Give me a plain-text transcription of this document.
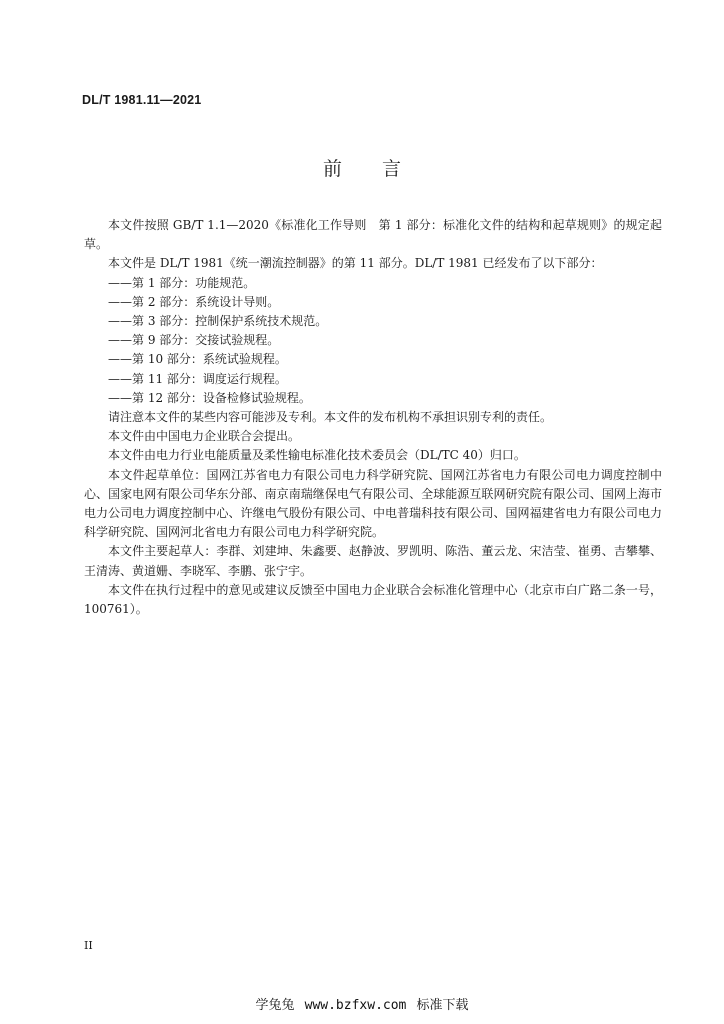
DL/T 1981.11—2021
前言

本文件按照 GB/T 1.1—2020《标准化工作导则　第 1 部分：标准化文件的结构和起草规则》的规定起草。

本文件是 DL/T 1981《统一潮流控制器》的第 11 部分。DL/T 1981 已经发布了以下部分：

——第 1 部分：功能规范。
——第 2 部分：系统设计导则。
——第 3 部分：控制保护系统技术规范。
——第 9 部分：交接试验规程。
——第 10 部分：系统试验规程。
——第 11 部分：调度运行规程。
——第 12 部分：设备检修试验规程。

请注意本文件的某些内容可能涉及专利。本文件的发布机构不承担识别专利的责任。

本文件由中国电力企业联合会提出。

本文件由电力行业电能质量及柔性输电标准化技术委员会（DL/TC 40）归口。

本文件起草单位：国网江苏省电力有限公司电力科学研究院、国网江苏省电力有限公司电力调度控制中心、国家电网有限公司华东分部、南京南瑞继保电气有限公司、全球能源互联网研究院有限公司、国网上海市电力公司电力调度控制中心、许继电气股份有限公司、中电普瑞科技有限公司、国网福建省电力有限公司电力科学研究院、国网河北省电力有限公司电力科学研究院。

本文件主要起草人：李群、刘建坤、朱鑫要、赵静波、罗凯明、陈浩、董云龙、宋洁莹、崔勇、吉攀攀、王清涛、黄道姗、李晓军、李鹏、张宁宇。

本文件在执行过程中的意见或建议反馈至中国电力企业联合会标准化管理中心（北京市白广路二条一号，100761）。

II
学兔兔 www.bzfxw.com 标准下载
